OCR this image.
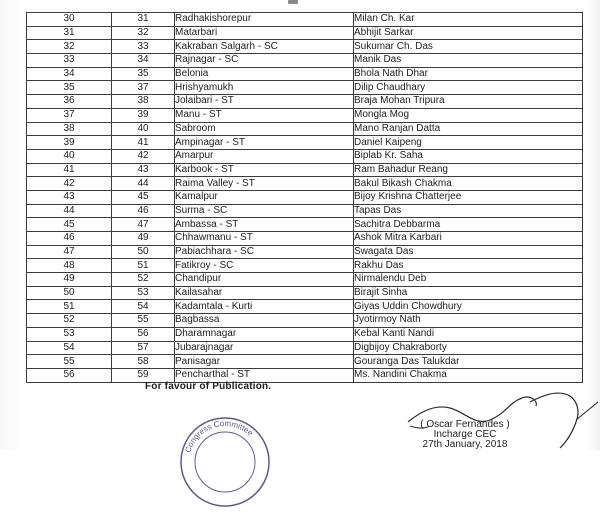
30	31	Radhakishorepur	Milan Ch. Kar
31	32	Matarbari	Abhijit Sarkar
32	33	Kakraban Salgarh - SC	Sukumar Ch. Das
33	34	Rajnagar - SC	Manik Das
34	35	Belonia	Bhola Nath Dhar
35	37	Hrishyamukh	Dilip Chaudhary
36	38	Jolaibari - ST	Braja Mohan Tripura
37	39	Manu - ST	Mongla Mog
38	40	Sabroom	Mano Ranjan Datta
39	41	Ampinagar - ST	Daniel Kaipeng
40	42	Amarpur	Biplab Kr. Saha
41	43	Karbook - ST	Ram Bahadur Reang
42	44	Raima Valley - ST	Bakul Bikash Chakma
43	45	Kamalpur	Bijoy Krishna Chatterjee
44	46	Surma - SC	Tapas Das
45	47	Ambassa - ST	Sachitra Debbarma
46	49	Chhawmanu - ST	Ashok Mitra Karbari
47	50	Pabiachhara - SC	Swagata Das
48	51	Fatikroy - SC	Rakhu Das
49	52	Chandipur	Nirmalendu Deb
50	53	Kailasahar	Birajit Sinha
51	54	Kadamtala - Kurti	Giyas Uddin Chowdhury
52	55	Bagbassa	Jyotirmoy Nath
53	56	Dharamnagar	Kebal Kanti Nandi
54	57	Jubarajnagar	Digbijoy Chakraborty
55	58	Panisagar	Gouranga Das Talukdar
56	59	Pencharthal - ST	Ms. Nandini Chakma
For favour of Publication.
Congress Committee
( Oscar Fernandes )
Incharge CEC
27th January, 2018
